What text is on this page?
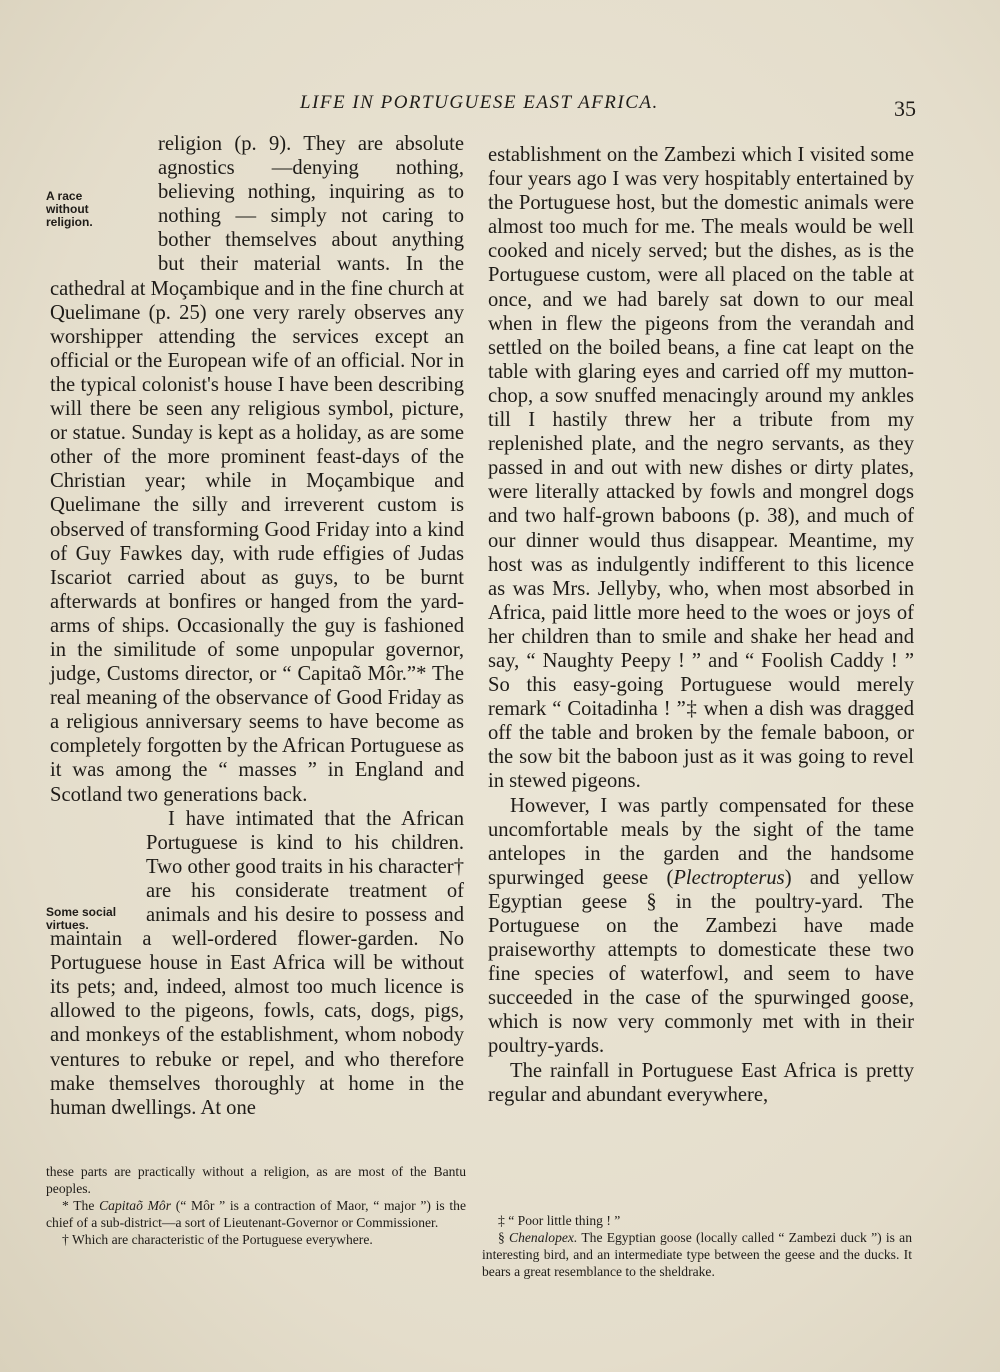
LIFE IN PORTUGUESE EAST AFRICA.	35
A race without religion.
Some social virtues.

religion (p. 9). They are absolute agnostics —denying nothing, believing nothing, inquiring as to nothing — simply not caring to bother themselves about anything but their material wants. In the cathedral at Moçambique and in the fine church at Quelimane (p. 25) one very rarely observes any worshipper attending the services except an official or the European wife of an official. Nor in the typical colonist's house I have been describing will there be seen any religious symbol, picture, or statue. Sunday is kept as a holiday, as are some other of the more prominent feast-days of the Christian year; while in Moçambique and Quelimane the silly and irreverent custom is observed of transforming Good Friday into a kind of Guy Fawkes day, with rude effigies of Judas Iscariot carried about as guys, to be burnt afterwards at bonfires or hanged from the yard-arms of ships. Occasionally the guy is fashioned in the similitude of some unpopular governor, judge, Customs director, or “ Capitaõ Môr.”* The real meaning of the observance of Good Friday as a religious anniversary seems to have become as completely forgotten by the African Portuguese as it was among the “ masses ” in England and Scotland two generations back.

I have intimated that the African Portuguese is kind to his children. Two other good traits in his character† are his considerate treatment of animals and his desire to possess and maintain a well-ordered flower-garden. No Portuguese house in East Africa will be without its pets; and, indeed, almost too much licence is allowed to the pigeons, fowls, cats, dogs, pigs, and monkeys of the establishment, whom nobody ventures to rebuke or repel, and who therefore make themselves thoroughly at home in the human dwellings. At one

establishment on the Zambezi which I visited some four years ago I was very hospitably entertained by the Portuguese host, but the domestic animals were almost too much for me. The meals would be well cooked and nicely served; but the dishes, as is the Portuguese custom, were all placed on the table at once, and we had barely sat down to our meal when in flew the pigeons from the verandah and settled on the boiled beans, a fine cat leapt on the table with glaring eyes and carried off my mutton-chop, a sow snuffed menacingly around my ankles till I hastily threw her a tribute from my replenished plate, and the negro servants, as they passed in and out with new dishes or dirty plates, were literally attacked by fowls and mongrel dogs and two half-grown baboons (p. 38), and much of our dinner would thus disappear. Meantime, my host was as indulgently indifferent to this licence as was Mrs. Jellyby, who, when most absorbed in Africa, paid little more heed to the woes or joys of her children than to smile and shake her head and say, “ Naughty Peepy ! ” and “ Foolish Caddy ! ” So this easy-going Portuguese would merely remark “ Coitadinha ! ”‡ when a dish was dragged off the table and broken by the female baboon, or the sow bit the baboon just as it was going to revel in stewed pigeons.

However, I was partly compensated for these uncomfortable meals by the sight of the tame antelopes in the garden and the handsome spurwinged geese (Plectropterus) and yellow Egyptian geese § in the poultry-yard. The Portuguese on the Zambezi have made praiseworthy attempts to domesticate these two fine species of waterfowl, and seem to have succeeded in the case of the spurwinged goose, which is now very commonly met with in their poultry-yards.

The rainfall in Portuguese East Africa is pretty regular and abundant everywhere,

these parts are practically without a religion, as are most of the Bantu peoples.

* The Capitaõ Môr (“ Môr ” is a contraction of Maor, “ major ”) is the chief of a sub-district—a sort of Lieutenant-Governor or Commissioner.

† Which are characteristic of the Portuguese everywhere.

‡ “ Poor little thing ! ”

§ Chenalopex. The Egyptian goose (locally called “ Zambezi duck ”) is an interesting bird, and an intermediate type between the geese and the ducks. It bears a great resemblance to the sheldrake.
